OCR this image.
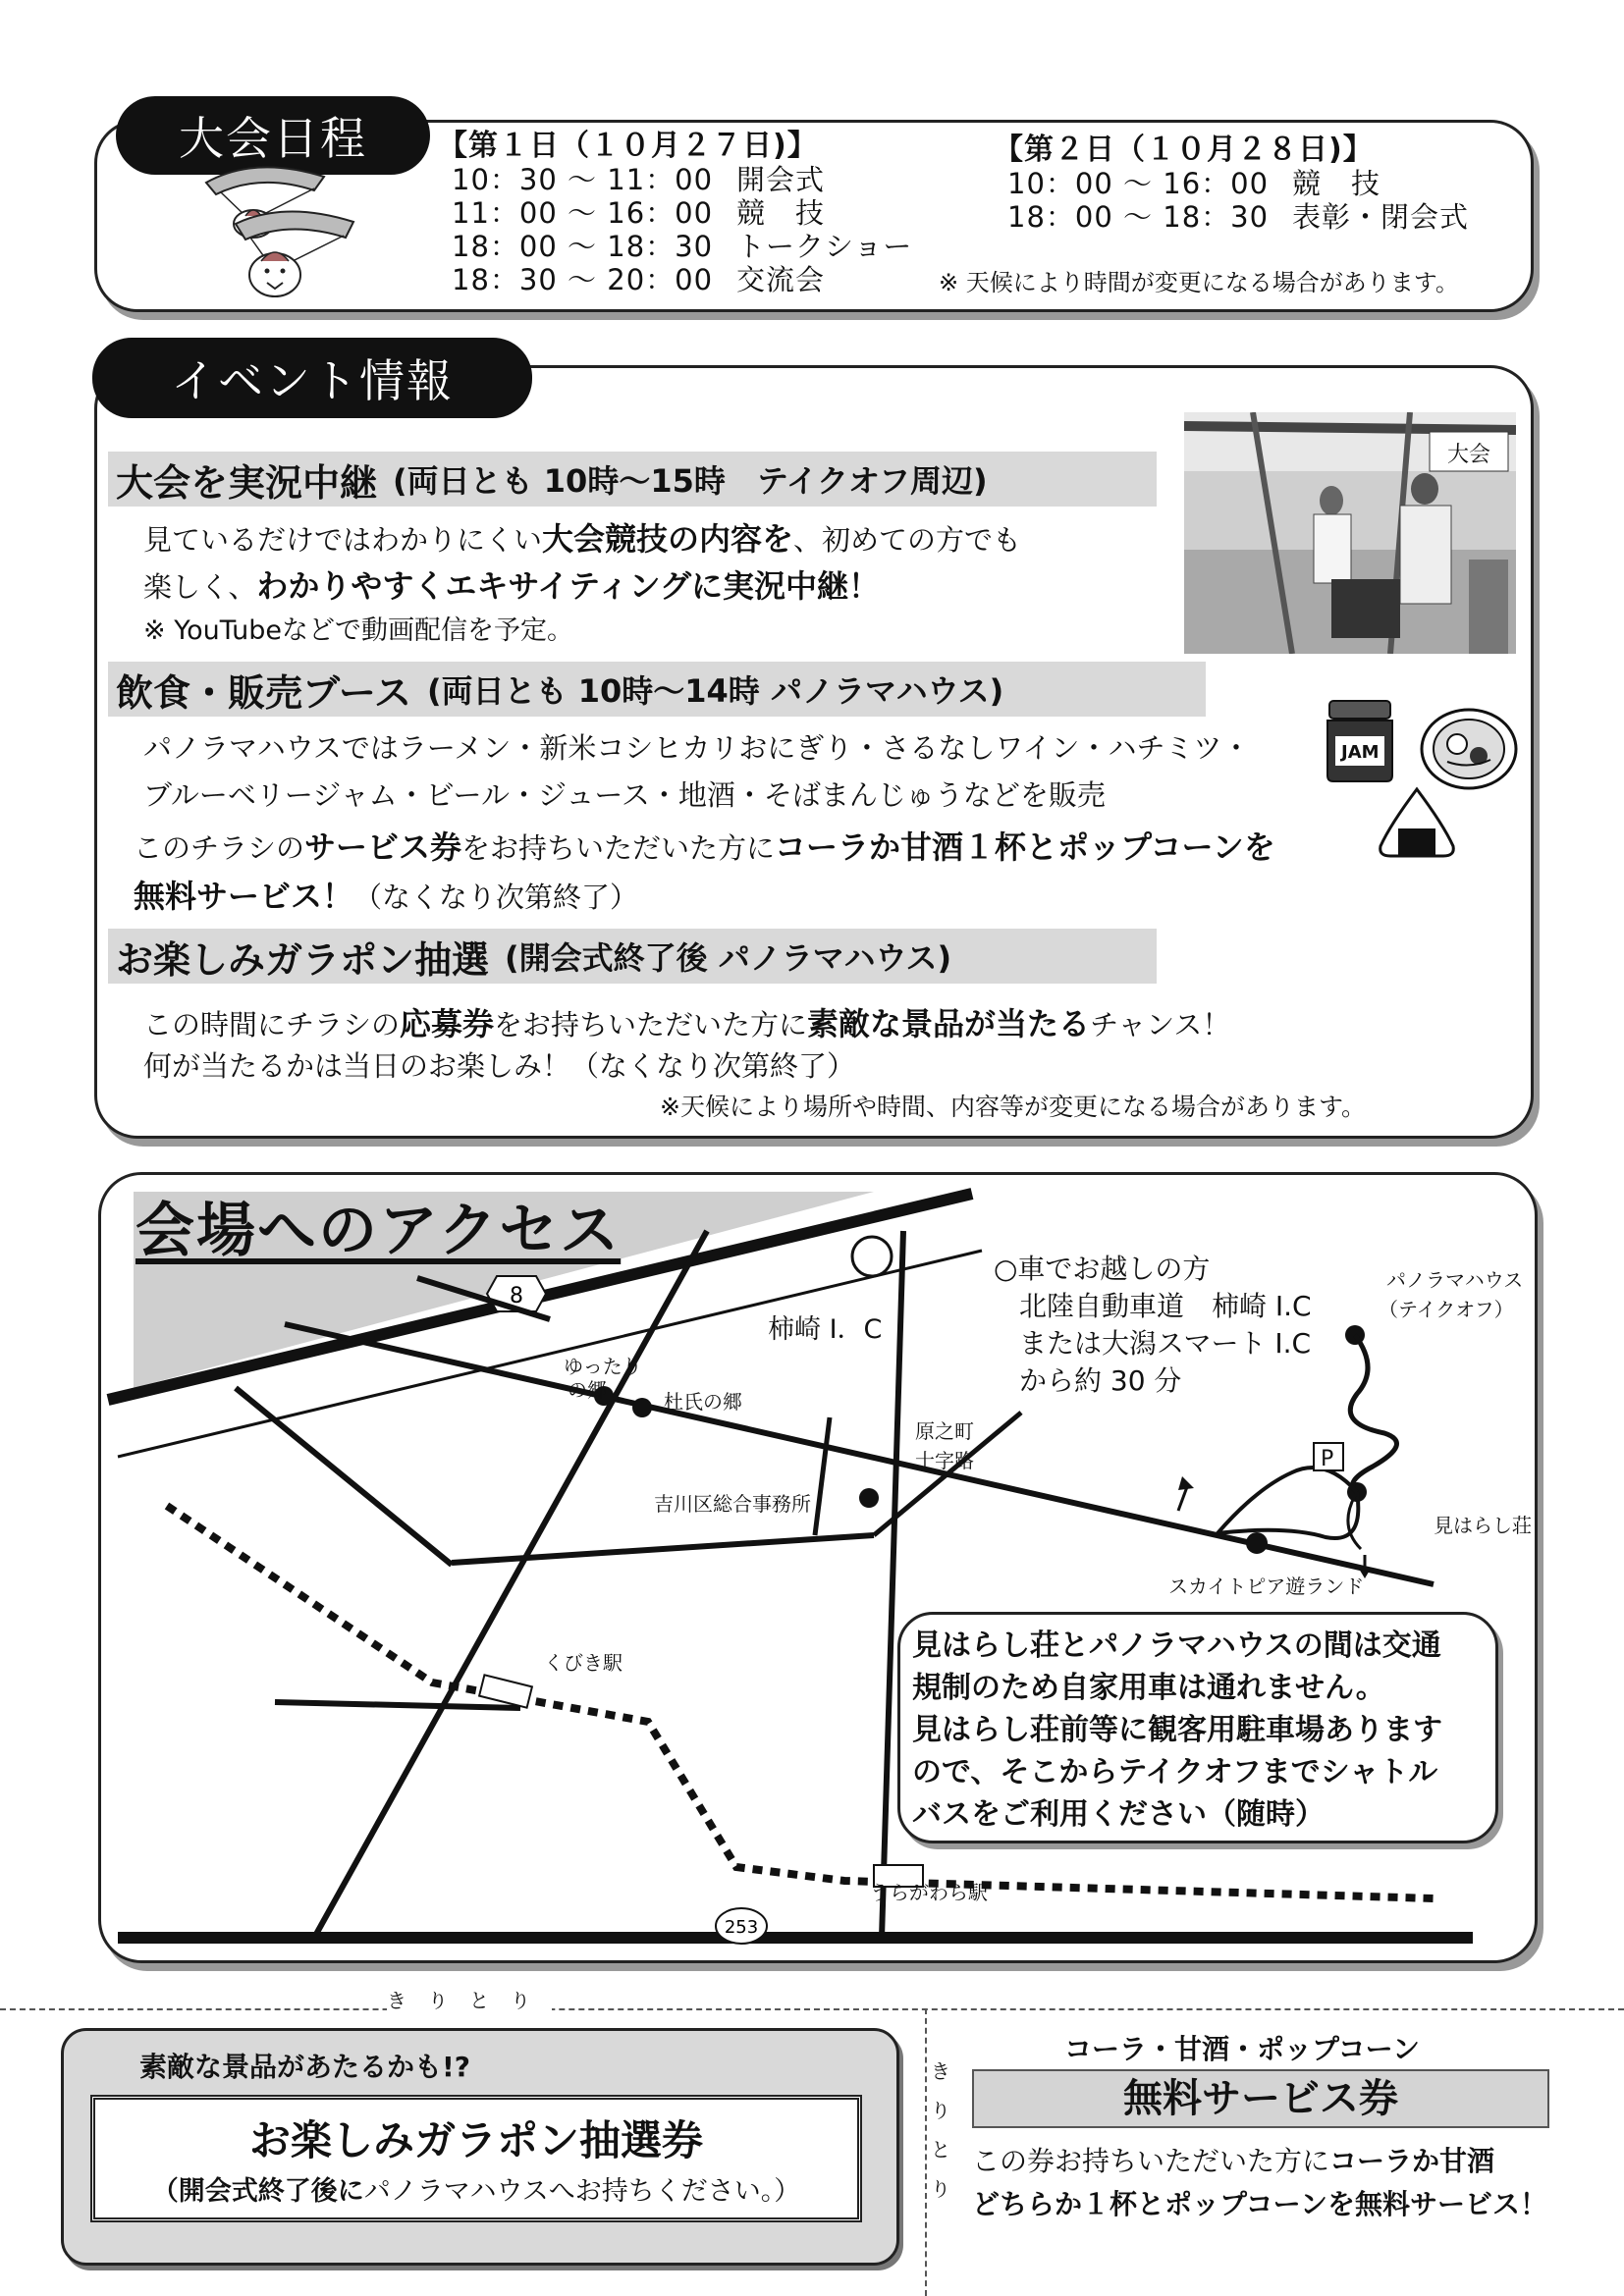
大会日程	【第１日（１０月２７日)】
10：30 ～ 11：00 開会式
11：00 ～ 16：00 競　技
18：00 ～ 18：30 トークショー
18：30 ～ 20：00 交流会
【第２日（１０月２８日)】
10：00 ～ 16：00 競　技
18：00 ～ 18：30 表彰・閉会式
※ 天候により時間が変更になる場合があります。
イベント情報
大会
大会を実況中継 (両日とも 10時～15時　テイクオフ周辺)
見ているだけではわかりにくい大会競技の内容を、初めての方でも
楽しく、わかりやすくエキサイティングに実況中継！
※ YouTubeなどで動画配信を予定。
飲食・販売ブース (両日とも 10時～14時 パノラマハウス)
パノラマハウスではラーメン・新米コシヒカリおにぎり・さるなしワイン・ハチミツ・
ブルーベリージャム・ビール・ジュース・地酒・そばまんじゅうなどを販売
このチラシのサービス券をお持ちいただいた方にコーラか甘酒１杯とポップコーンを
無料サービス！（なくなり次第終了）
JAM
お楽しみガラポン抽選 (開会式終了後 パノラマハウス)
この時間にチラシの応募券をお持ちいただいた方に素敵な景品が当たるチャンス！
何が当たるかは当日のお楽しみ！（なくなり次第終了）
※天候により場所や時間、内容等が変更になる場合があります。
8
253
会場へのアクセス
柿崎 I．C
ゆったり
の郷	杜氏の郷
原之町
十字路
吉川区総合事務所
くびき駅
うらがわら駅
スカイトピア遊ランド
パノラマハウス
（テイクオフ）
P
見はらし荘
○車でお越しの方
北陸自動車道　柿崎 I.C
または大潟スマート I.C
から約 30 分
見はらし荘とパノラマハウスの間は交通
規制のため自家用車は通れません。
見はらし荘前等に観客用駐車場あります
ので、そこからテイクオフまでシャトル
バスをご利用ください（随時）
きりとり
き
り
と
り
素敵な景品があたるかも!?
お楽しみガラポン抽選券
（開会式終了後にパノラマハウスへお持ちください。）
コーラ・甘酒・ポップコーン
無料サービス券
この券お持ちいただいた方にコーラか甘酒
どちらか１杯とポップコーンを無料サービス！
